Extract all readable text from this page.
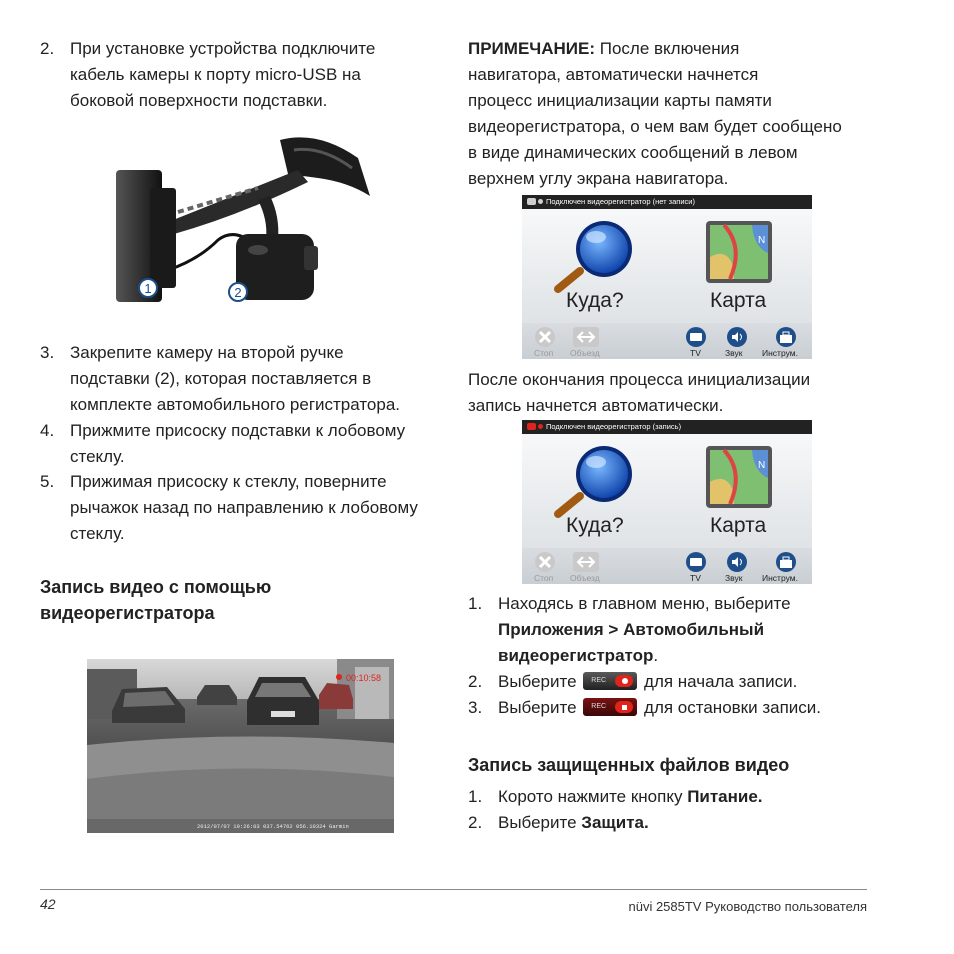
2. При установке устройства подключите
кабель камеры к порту micro-USB на
боковой поверхности подставки.
1	2
3. Закрепите камеру на второй ручке
подставки (2), которая поставляется в
комплекте автомобильного регистратора.
4. Прижмите присоску подставки к лобовому
стеклу.
5. Прижимая присоску к стеклу, поверните
рычажок назад по направлению к лобовому
стеклу.
Запись видео с помощью
видеорегистратора
00:10:58
2012/07/07 19:26:03 037.54762 056.10324 Garmin
ПРИМЕЧАНИЕ: После включения
навигатора, автоматически начнется
процесс инициализации карты памяти
видеорегистратора, о чем вам будет сообщено
в виде динамических сообщений в левом
верхнем углу экрана навигатора.
Подключен видеорегистратор (нет записи)
N
Куда?	Карта
Стоп Объезд	TV	Звук Инструм.
После окончания процесса инициализации
запись начнется автоматически.
Подключен видеорегистратор (запись)
N
Куда?	Карта
Стоп Объезд	TV	Звук Инструм.
1. Находясь в главном меню, выберите
Приложения > Автомобильный
видеорегистратор.
2. Выберите REC для начала записи.
3. Выберите REC для остановки записи.
Запись защищенных файлов видео
1. Корото нажмите кнопку Питание.
2. Выберите Защита.
42	nüvi 2585TV Руководство пользователя
